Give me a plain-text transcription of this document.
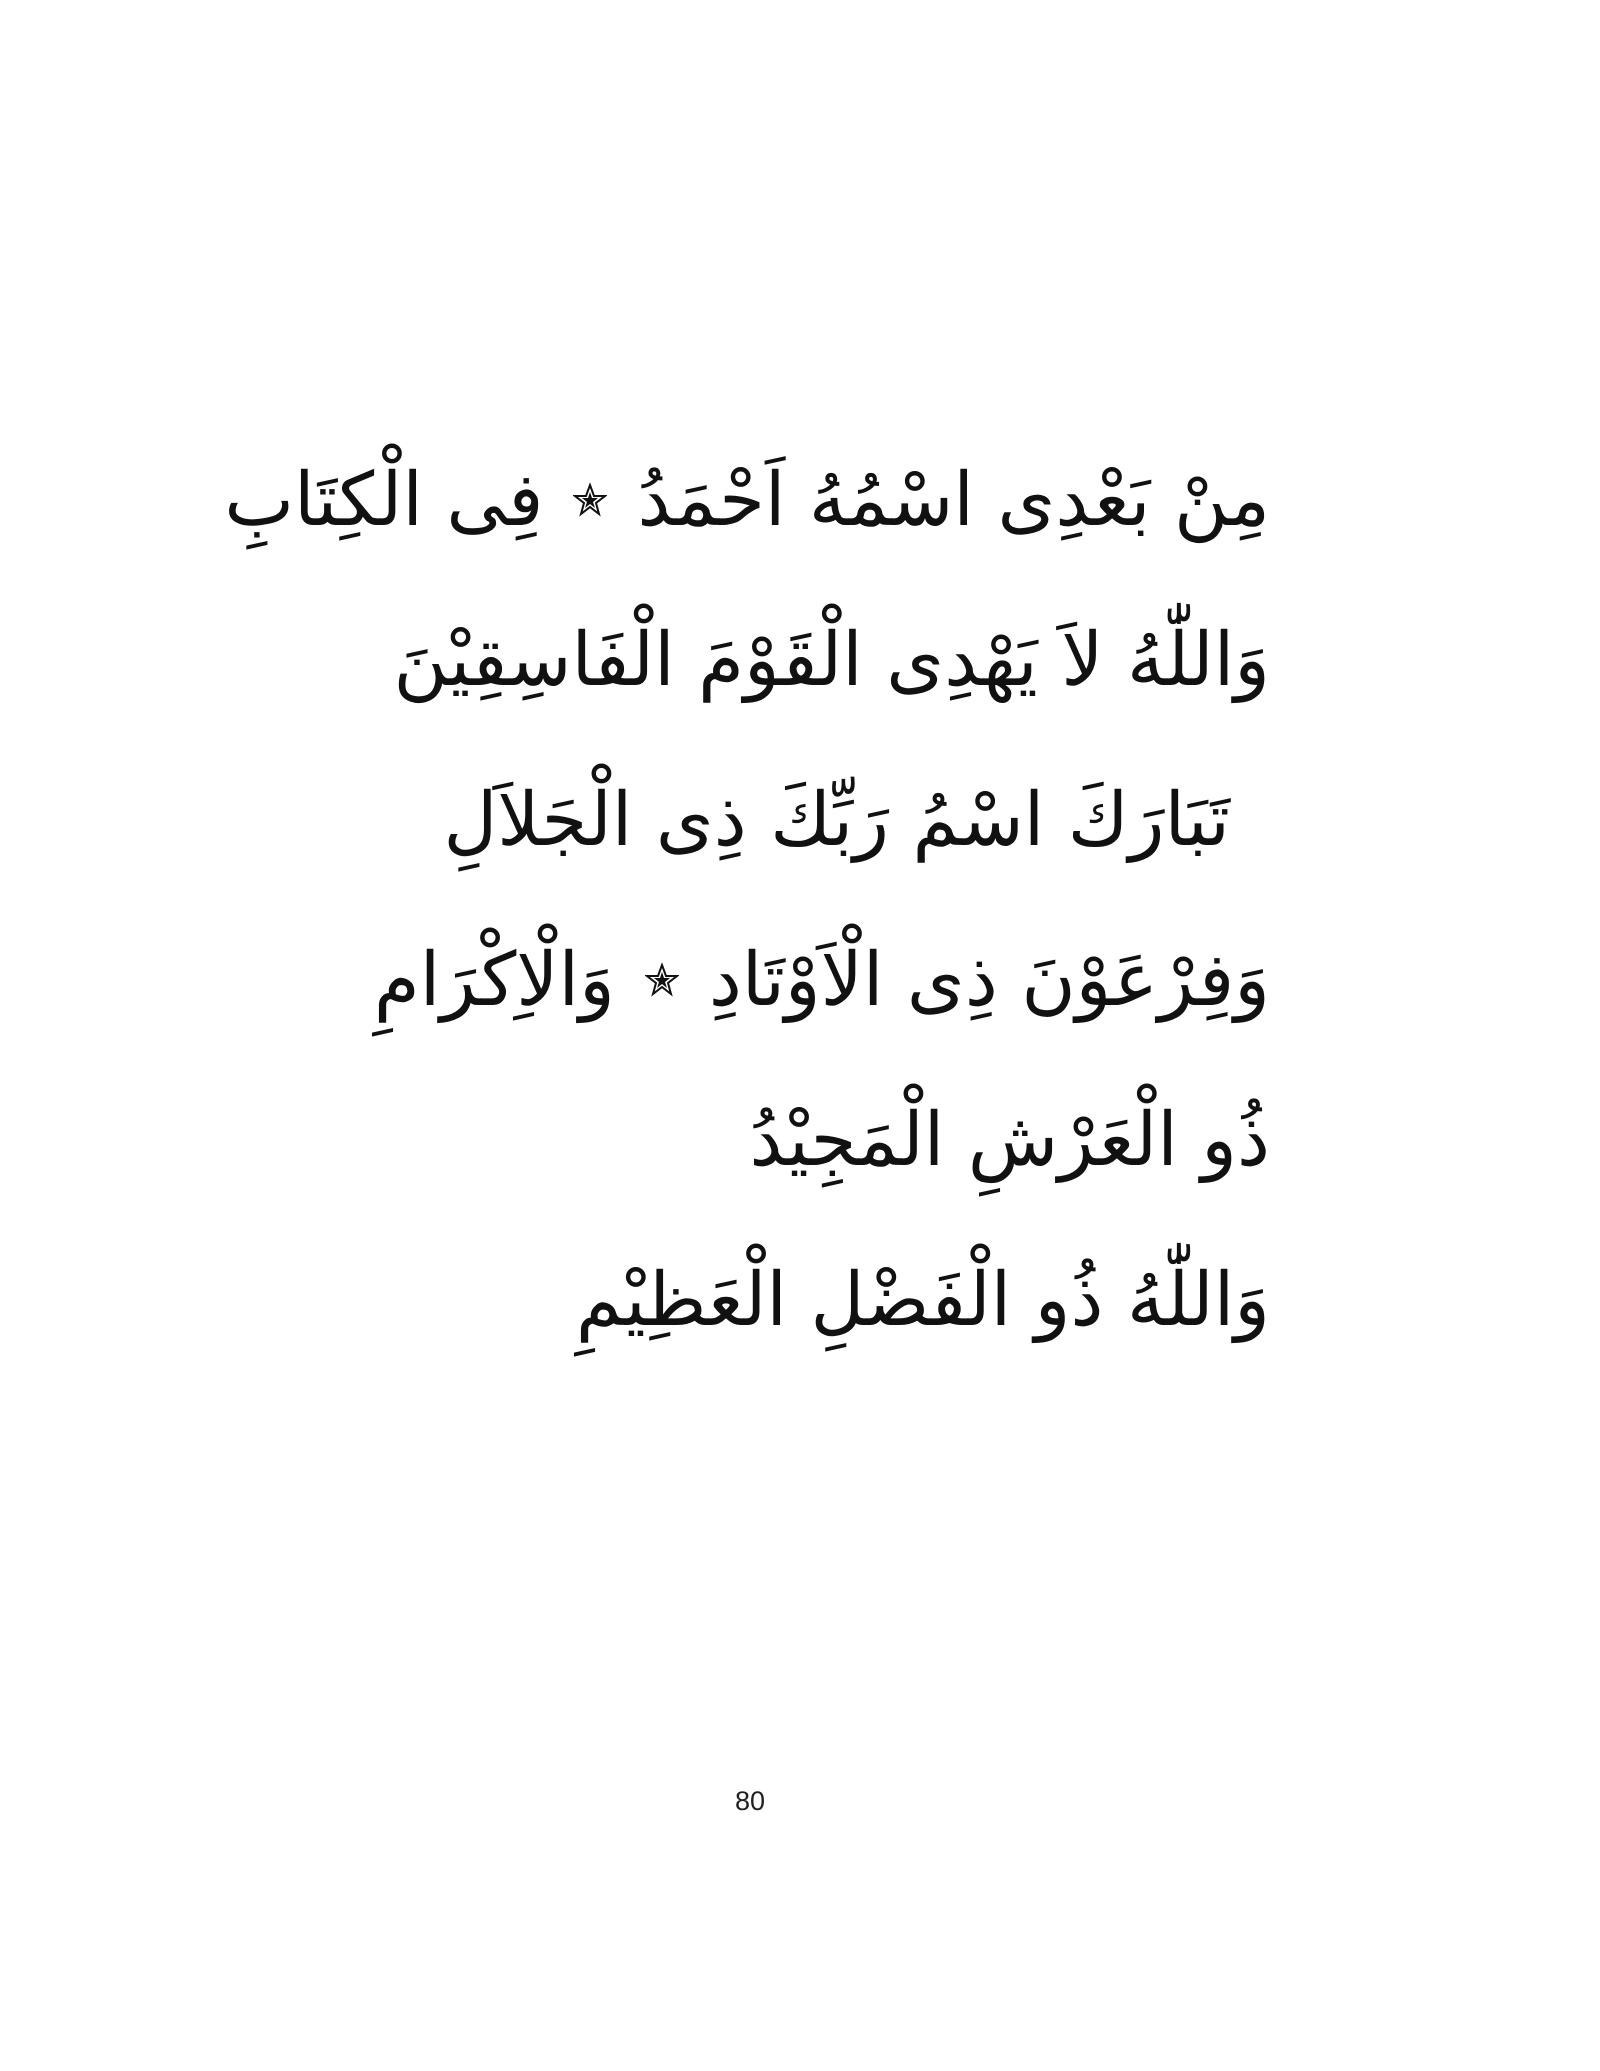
مِنْ بَعْدِى اسْمُهُ اَحْمَدُ
فِى الْكِتَابِ
وَاللّٰهُ لاَ يَهْدِى الْقَوْمَ الْفَاسِقِيْنَ
تَبَارَكَ اسْمُ رَبِّكَ ذِى الْجَلاَلِ
وَفِرْعَوْنَ ذِى الْاَوْتَادِ
وَالْاِكْرَامِ
ذُو الْعَرْشِ الْمَجِيْدُ
وَاللّٰهُ ذُو الْفَضْلِ الْعَظِيْمِ
80
